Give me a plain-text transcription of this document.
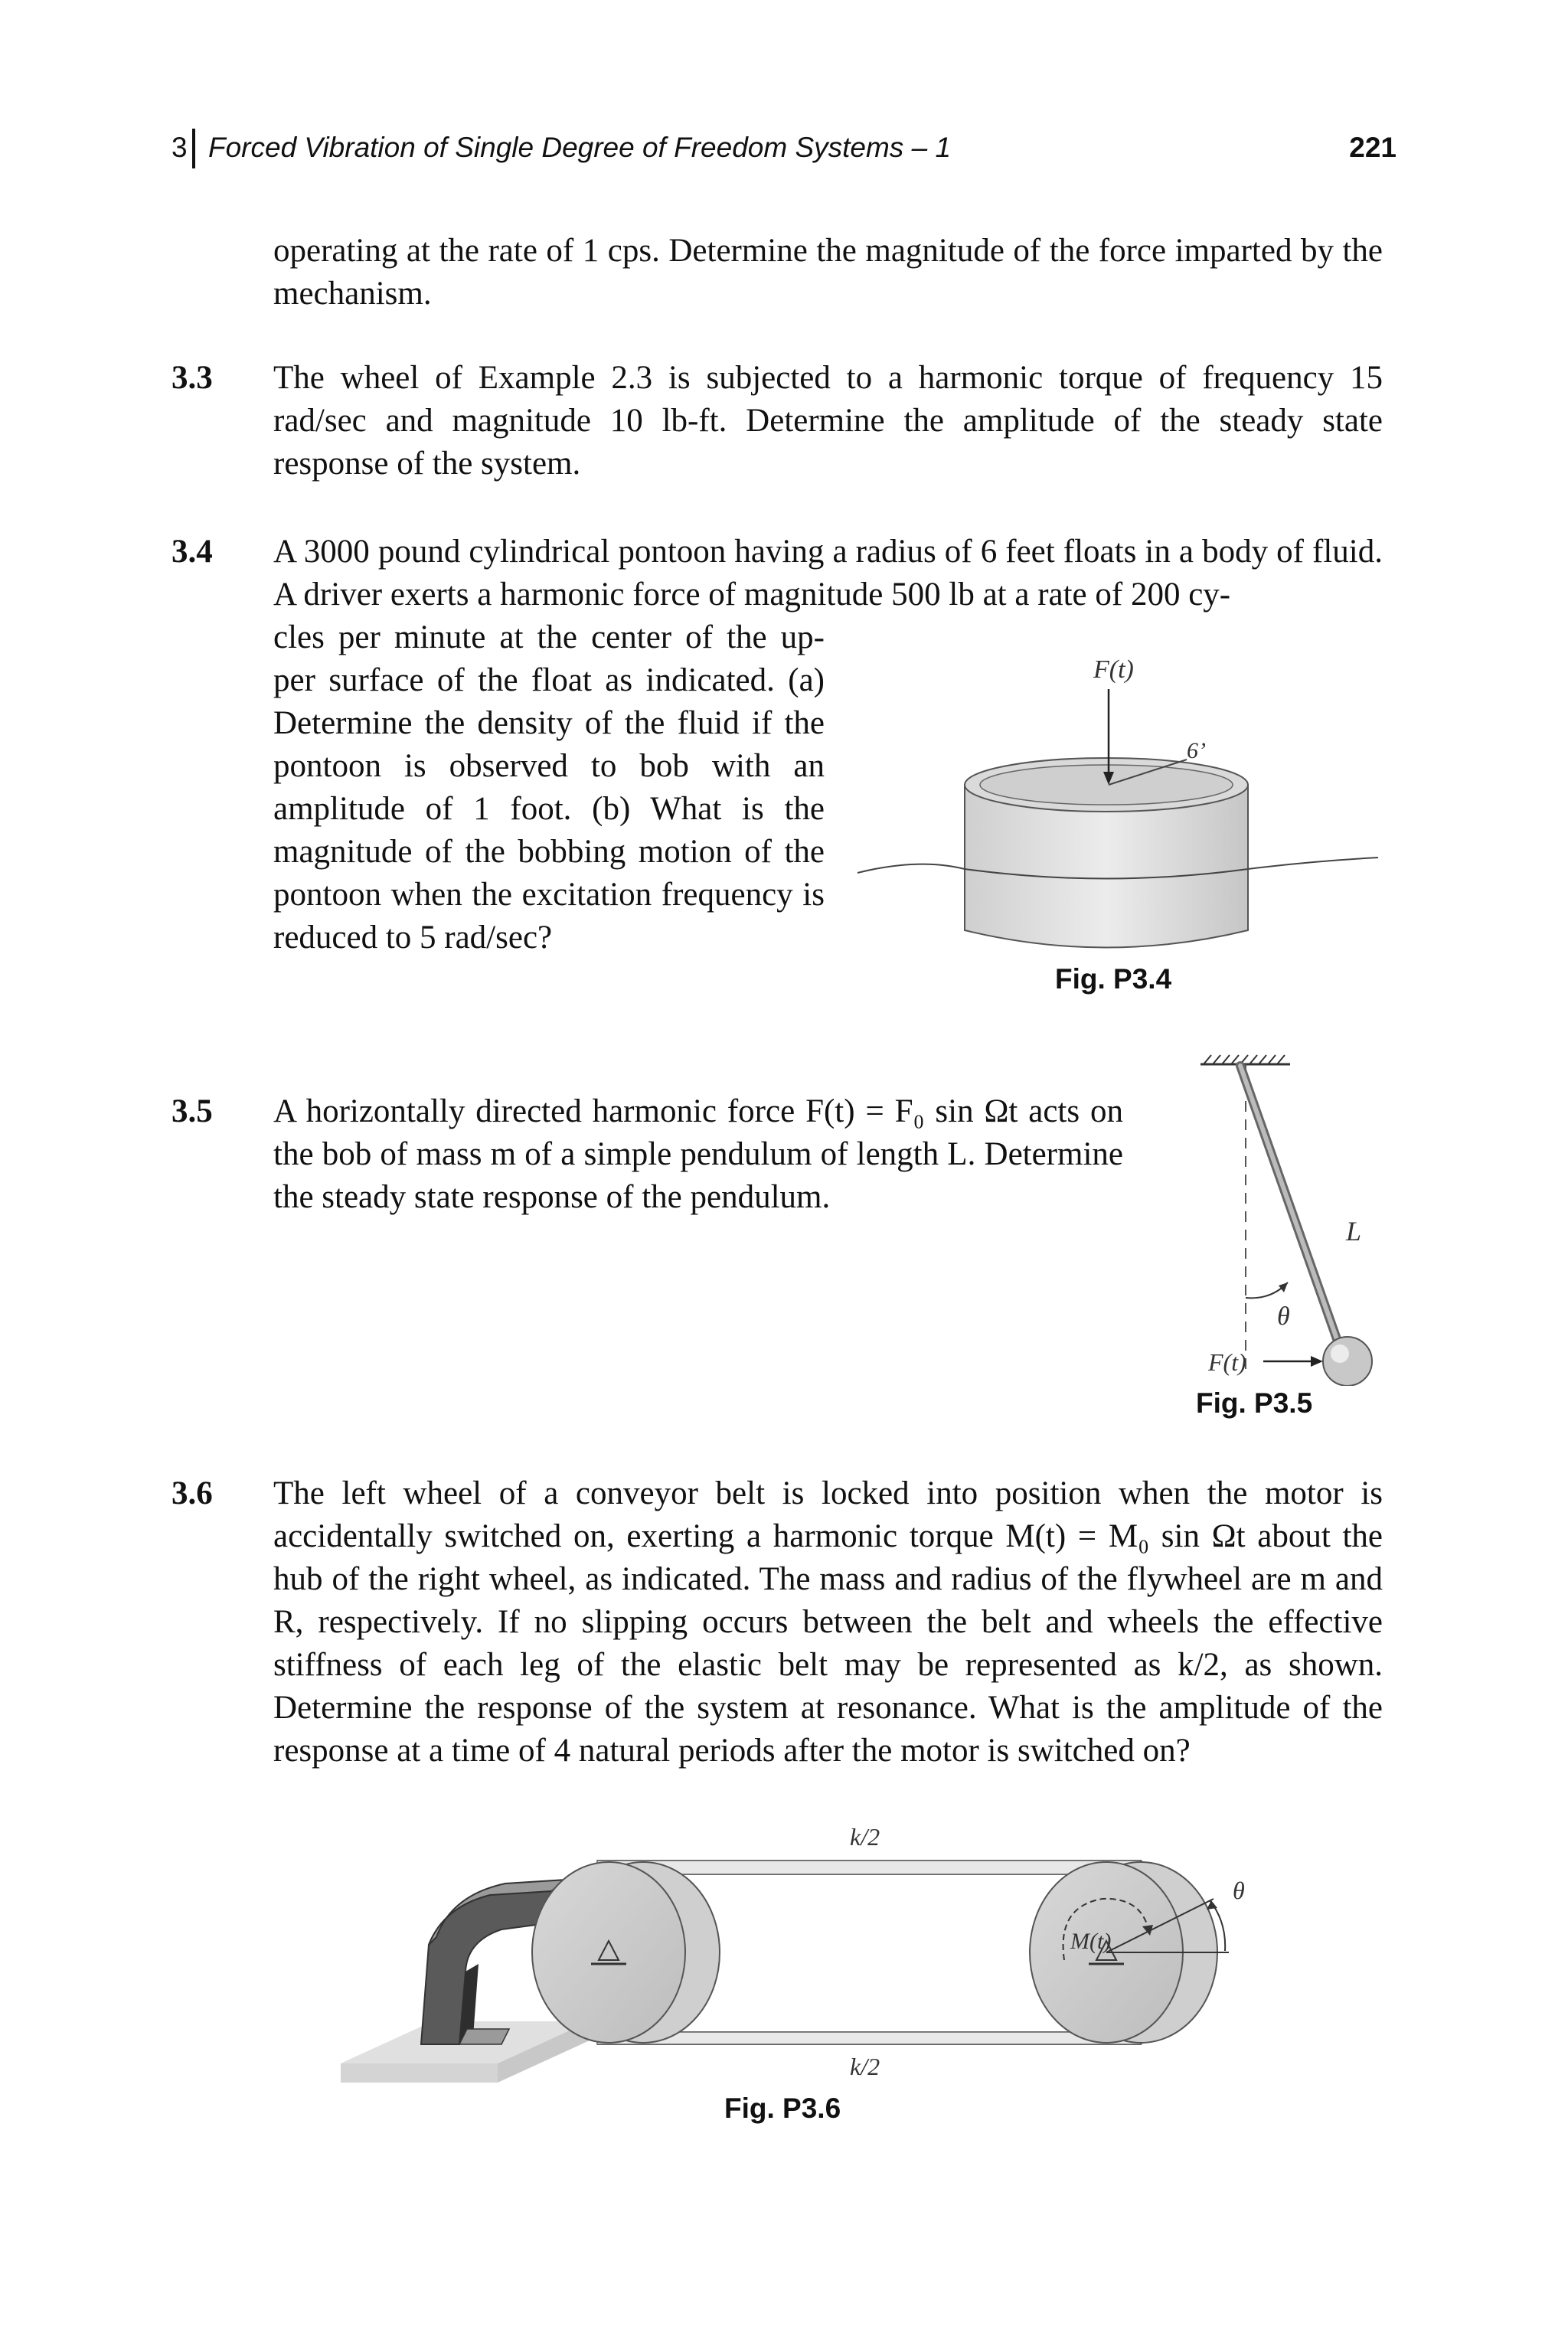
3 Forced Vibration of Single Degree of Freedom Systems – 1	221
operating at the rate of 1 cps. Determine the magnitude of the force imparted by the mechanism.
3.3 The wheel of Example 2.3 is subjected to a harmonic torque of frequency 15 rad/sec and magnitude 10 lb-ft. Determine the amplitude of the steady state response of the system.
3.4 A 3000 pound cylindrical pontoon having a radius of 6 feet floats in a body of fluid. A driver exerts a harmonic force of magnitude 500 lb at a rate of 200 cy-
cles per minute at the center of the up- per surface of the float as indicated. (a) Determine the density of the fluid if the pontoon is observed to bob with an amplitude of 1 foot. (b) What is the magnitude of the bobbing motion of the pontoon when the excitation frequency is reduced to 5 rad/sec?
F(t)
6’
Fig. P3.4
3.5 A horizontally directed harmonic force F(t) = F₀ sin Ωt acts on the bob of mass m of a simple pendulum of length L. Determine the steady state response of the pendulum.
L
θ
F(t)
Fig. P3.5
3.6 The left wheel of a conveyor belt is locked into position when the motor is accidentally switched on, exerting a harmonic torque M(t) = M₀ sin Ωt about the hub of the right wheel, as indicated. The mass and radius of the flywheel are m and R, respectively. If no slipping occurs between the belt and wheels the effective stiffness of each leg of the elastic belt may be represented as k/2, as shown. Determine the response of the system at resonance. What is the amplitude of the response at a time of 4 natural periods after the motor is switched on?
k/2
k/2
M(t)
θ
Fig. P3.6
